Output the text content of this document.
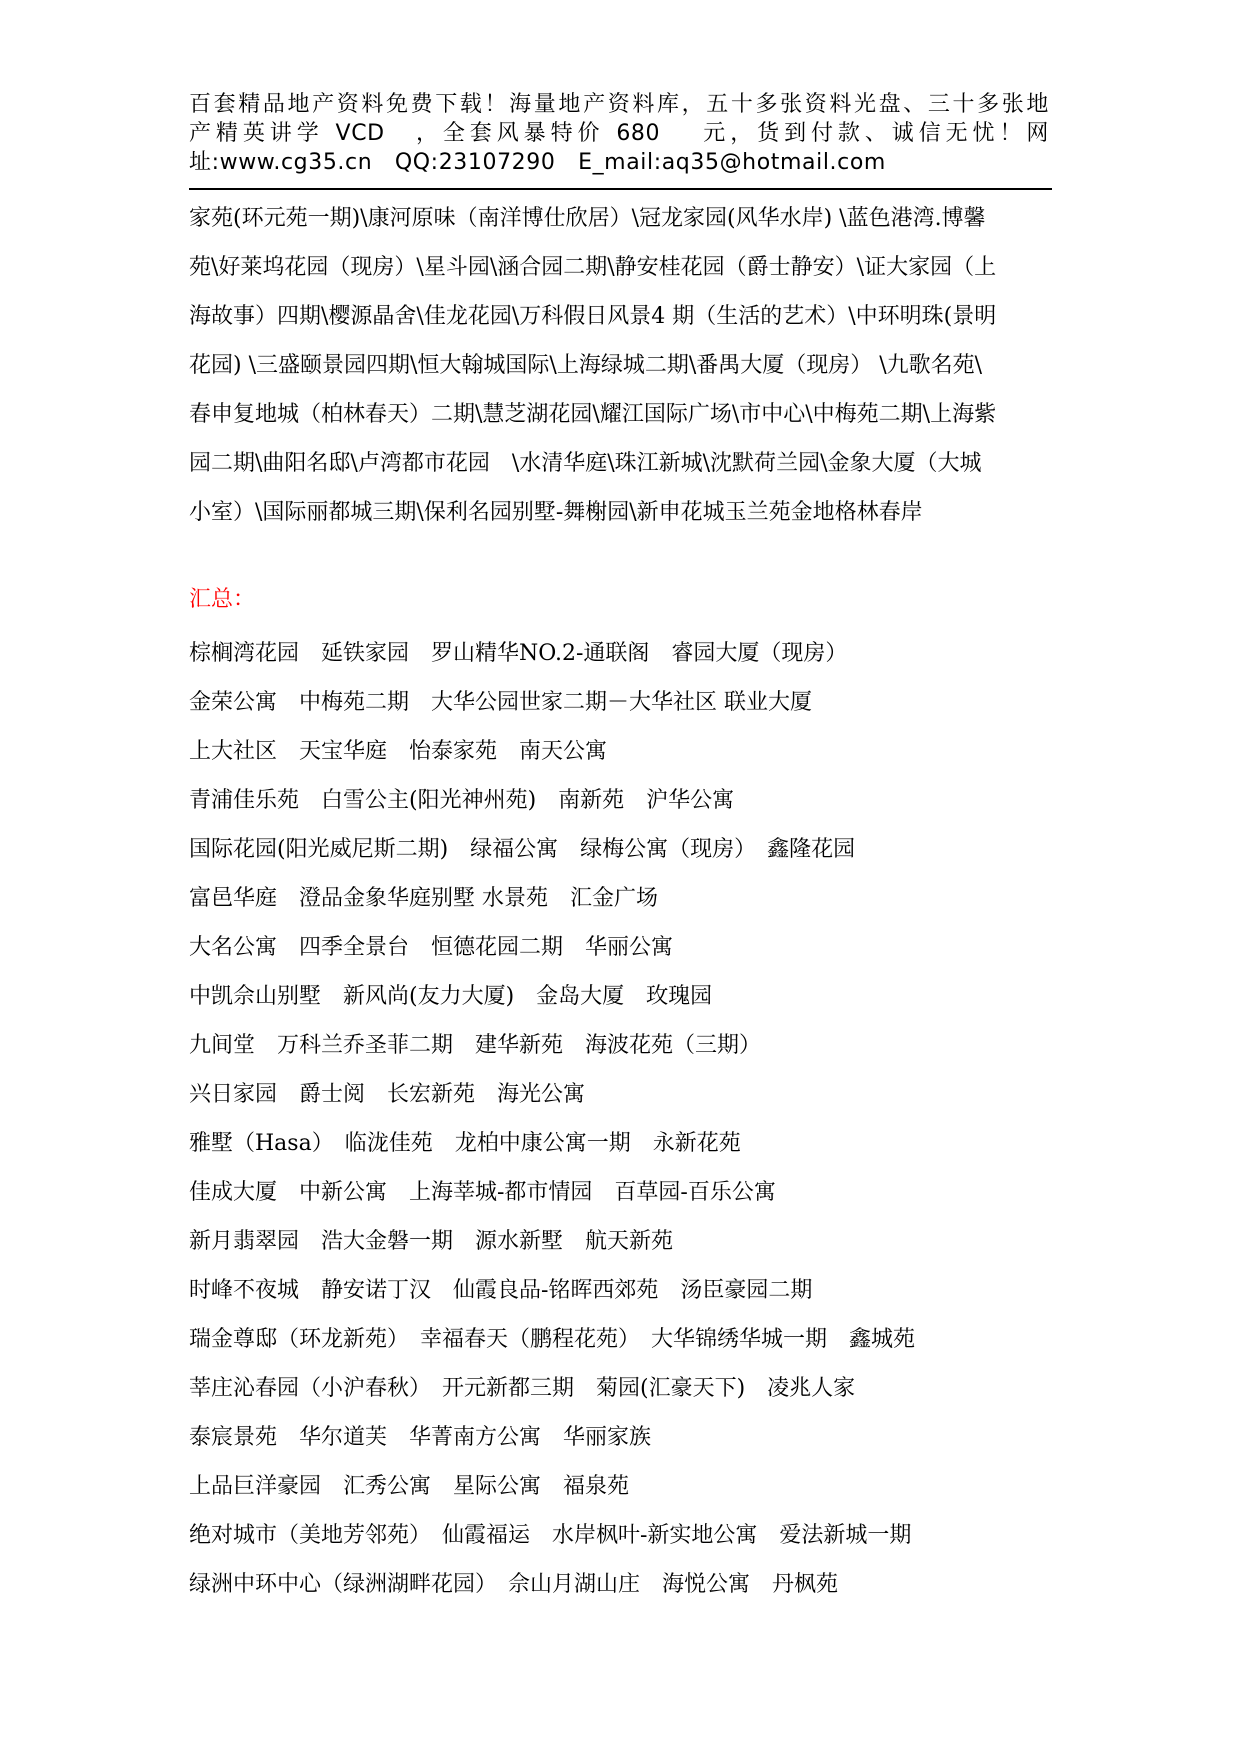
百套精品地产资料免费下载！海量地产资料库，五十多张资料光盘、三十多张地
产精英讲学 VCD　，全套风暴特价 680　 元，货到付款、诚信无忧！网
址:www.cg35.cn　QQ:23107290　E_mail:aq35@hotmail.com
家苑(环元苑一期)\康河原味（南洋博仕欣居）\冠龙家园(风华水岸) \蓝色港湾.博馨
苑\好莱坞花园（现房）\星斗园\涵合园二期\静安桂花园（爵士静安）\证大家园（上
海故事）四期\樱源晶舍\佳龙花园\万科假日风景4 期（生活的艺术）\中环明珠(景明
花园) \三盛颐景园四期\恒大翰城国际\上海绿城二期\番禺大厦（现房） \九歌名苑\
春申复地城（柏林春天）二期\慧芝湖花园\耀江国际广场\市中心\中梅苑二期\上海紫
园二期\曲阳名邸\卢湾都市花园　\水清华庭\珠江新城\沈默荷兰园\金象大厦（大城
小室）\国际丽都城三期\保利名园别墅-舞榭园\新申花城玉兰苑金地格林春岸
汇总：
棕榈湾花园　延铁家园　罗山精华NO.2-通联阁　睿园大厦（现房）
金荣公寓　中梅苑二期　大华公园世家二期－大华社区 联业大厦
上大社区　天宝华庭　怡泰家苑　南天公寓
青浦佳乐苑　白雪公主(阳光神州苑)　南新苑　沪华公寓
国际花园(阳光威尼斯二期)　绿福公寓　绿梅公寓（现房）　鑫隆花园
富邑华庭　澄品金象华庭别墅 水景苑　汇金广场
大名公寓　四季全景台　恒德花园二期　华丽公寓
中凯佘山别墅　新风尚(友力大厦)　金岛大厦　玫瑰园
九间堂　万科兰乔圣菲二期　建华新苑　海波花苑（三期）
兴日家园　爵士阅　长宏新苑　海光公寓
雅墅（Hasa）　临泷佳苑　龙柏中康公寓一期　永新花苑
佳成大厦　中新公寓　上海莘城-都市情园　百草园-百乐公寓
新月翡翠园　浩大金磐一期　源水新墅　航天新苑
时峰不夜城　静安诺丁汉　仙霞良品-铭晖西郊苑　汤臣豪园二期
瑞金尊邸（环龙新苑）　幸福春天（鹏程花苑）　大华锦绣华城一期　鑫城苑
莘庄沁春园（小沪春秋）　开元新都三期　菊园(汇豪天下)　凌兆人家
泰宸景苑　华尔道芙　华菁南方公寓　华丽家族
上品巨洋豪园　汇秀公寓　星际公寓　福泉苑
绝对城市（美地芳邻苑）　仙霞福运　水岸枫叶-新实地公寓　爱法新城一期
绿洲中环中心（绿洲湖畔花园）　佘山月湖山庄　海悦公寓　丹枫苑
